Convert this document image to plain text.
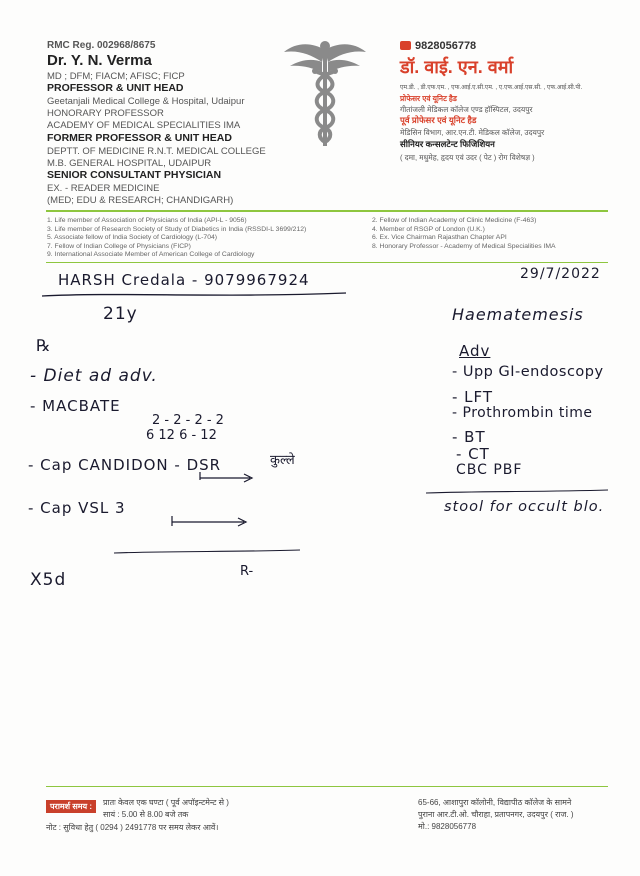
RMC Reg. 002968/8675
Dr. Y. N. Verma
MD ; DFM; FIACM; AFISC; FICP
PROFESSOR & UNIT HEAD
Geetanjali Medical College & Hospital, Udaipur
HONORARY PROFESSOR
ACADEMY OF MEDICAL SPECIALITIES IMA
FORMER PROFESSOR & UNIT HEAD
DEPTT. OF MEDICINE R.N.T. MEDICAL COLLEGE
M.B. GENERAL HOSPITAL, UDAIPUR
SENIOR CONSULTANT PHYSICIAN
EX. - READER MEDICINE
(MED; EDU & RESEARCH; CHANDIGARH)
9828056778
डॉ. वाई. एन. वर्मा
एम.डी. , डी.एफ.एम. , एफ.आई.ए.सी.एम. , ए.एफ.आई.एस.सी. , एफ.आई.सी.पी.
प्रोफेसर एवं यूनिट हैड
गीतांजली मेडिकल कॉलेज एण्ड हॉस्पिटल, उदयपुर
पूर्व प्रोफेसर एवं यूनिट हैड
मेडिसिन विभाग, आर.एन.टी. मेडिकल कॉलेज, उदयपुर
सीनियर कन्सलटेन्ट फिजिशियन
( दमा, मधुमेह, हृदय एवं उदर ( पेट ) रोग विशेषज्ञ )
1. Life member of Association of Physicians of India (API-L - 9056)
3. Life member of Research Society of Study of Diabetics in India (RSSDI-L 3699/212)
5. Associate fellow of India Society of Cardiology (L-704)
7. Fellow of Indian College of Physicians (FICP)
9. International Associate Member of American College of Cardiology
2. Fellow of Indian Academy of Clinic Medicine (F-463)
4. Member of RSGP of London (U.K.)
6. Ex. Vice Chairman Rajasthan Chapter API
8. Honorary Professor - Academy of Medical Specialities IMA
HARSH Credala - 9079967924	29/7/2022
21y	Haematemesis
℞
- Diet ad adv.
- MACBATE
2 - 2 - 2 - 2
6 12 6 - 12
- Cap CANDIDON - DSR	कुल्ले
- Cap VSL 3
X5d	R-
Adv
- Upp GI-endoscopy
- LFT
- Prothrombin time
- BT
- CT
CBC PBF
stool for occult blo.
परामर्श समय :	प्रातः केवल एक घण्टा ( पूर्व अपॉइन्टमेन्ट से )
सायं : 5.00 से 8.00 बजे तक
नोट : सुविधा हेतु ( 0294 ) 2491778 पर समय लेकर आवें।
65-66, आशापुरा कॉलोनी, विद्यापीठ कॉलेज के सामने
पुराना आर.टी.ओ. चौराहा, प्रतापनगर, उदयपुर ( राज. )
मो.: 9828056778
